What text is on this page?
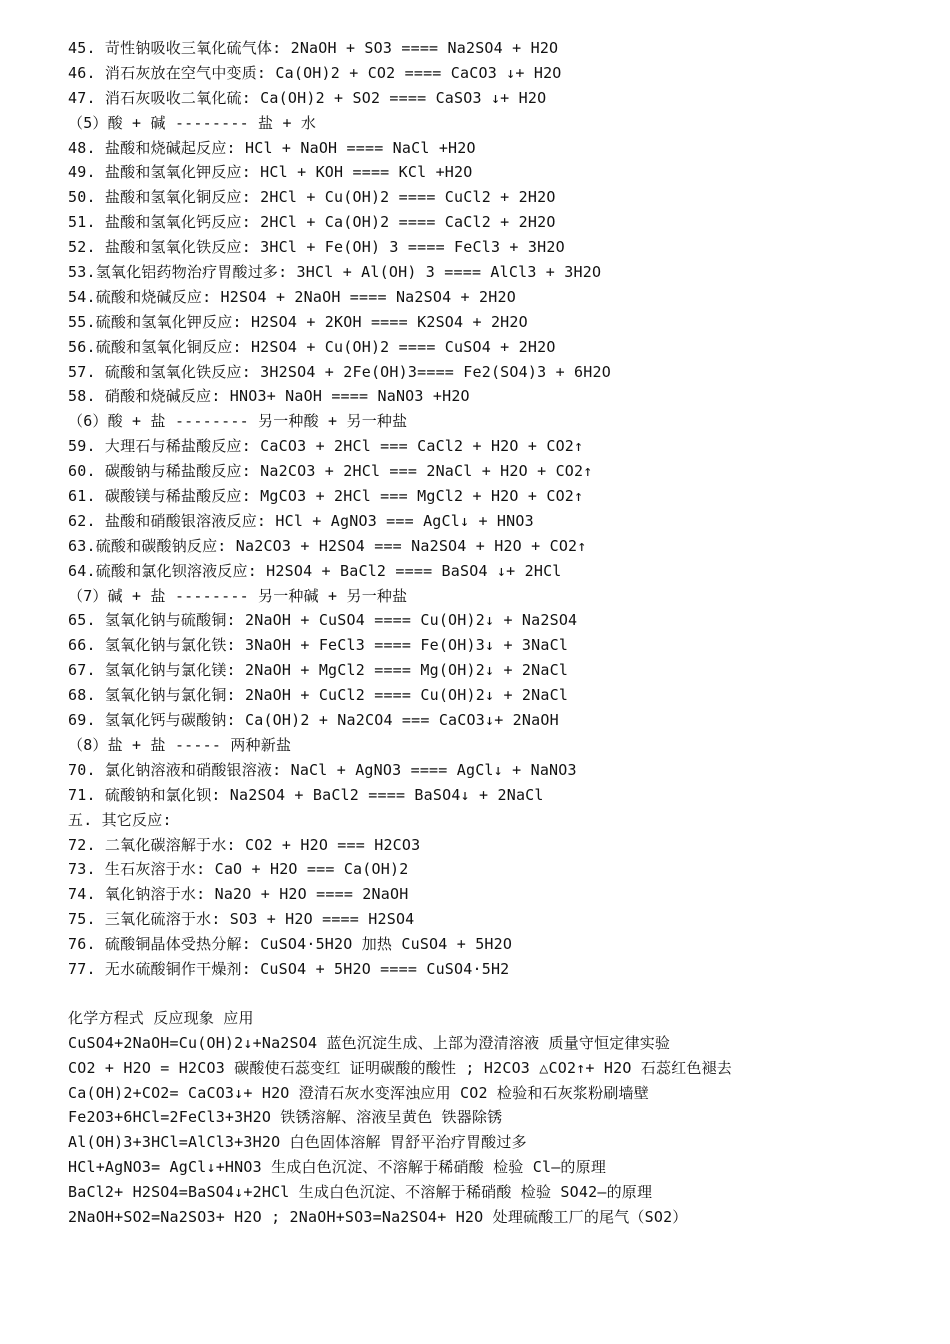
45. 苛性钠吸收三氧化硫气体: 2NaOH + SO3 ==== Na2SO4 + H2O
46. 消石灰放在空气中变质: Ca(OH)2 + CO2 ==== CaCO3 ↓+ H2O
47. 消石灰吸收二氧化硫: Ca(OH)2 + SO2 ==== CaSO3 ↓+ H2O
（5）酸 + 碱 -------- 盐 + 水
48. 盐酸和烧碱起反应: HCl + NaOH ==== NaCl +H2O
49. 盐酸和氢氧化钾反应: HCl + KOH ==== KCl +H2O
50. 盐酸和氢氧化铜反应: 2HCl + Cu(OH)2 ==== CuCl2 + 2H2O
51. 盐酸和氢氧化钙反应: 2HCl + Ca(OH)2 ==== CaCl2 + 2H2O
52. 盐酸和氢氧化铁反应: 3HCl + Fe(OH) 3 ==== FeCl3 + 3H2O
53.氢氧化铝药物治疗胃酸过多: 3HCl + Al(OH) 3 ==== AlCl3 + 3H2O
54.硫酸和烧碱反应: H2SO4 + 2NaOH ==== Na2SO4 + 2H2O
55.硫酸和氢氧化钾反应: H2SO4 + 2KOH ==== K2SO4 + 2H2O
56.硫酸和氢氧化铜反应: H2SO4 + Cu(OH)2 ==== CuSO4 + 2H2O
57. 硫酸和氢氧化铁反应: 3H2SO4 + 2Fe(OH)3==== Fe2(SO4)3 + 6H2O
58. 硝酸和烧碱反应: HNO3+ NaOH ==== NaNO3 +H2O
（6）酸 + 盐 -------- 另一种酸 + 另一种盐
59. 大理石与稀盐酸反应: CaCO3 + 2HCl === CaCl2 + H2O + CO2↑
60. 碳酸钠与稀盐酸反应: Na2CO3 + 2HCl === 2NaCl + H2O + CO2↑
61. 碳酸镁与稀盐酸反应: MgCO3 + 2HCl === MgCl2 + H2O + CO2↑
62. 盐酸和硝酸银溶液反应: HCl + AgNO3 === AgCl↓ + HNO3
63.硫酸和碳酸钠反应: Na2CO3 + H2SO4 === Na2SO4 + H2O + CO2↑
64.硫酸和氯化钡溶液反应: H2SO4 + BaCl2 ==== BaSO4 ↓+ 2HCl
（7）碱 + 盐 -------- 另一种碱 + 另一种盐
65. 氢氧化钠与硫酸铜: 2NaOH + CuSO4 ==== Cu(OH)2↓ + Na2SO4
66. 氢氧化钠与氯化铁: 3NaOH + FeCl3 ==== Fe(OH)3↓ + 3NaCl
67. 氢氧化钠与氯化镁: 2NaOH + MgCl2 ==== Mg(OH)2↓ + 2NaCl
68. 氢氧化钠与氯化铜: 2NaOH + CuCl2 ==== Cu(OH)2↓ + 2NaCl
69. 氢氧化钙与碳酸钠: Ca(OH)2 + Na2CO4 === CaCO3↓+ 2NaOH
（8）盐 + 盐 ----- 两种新盐
70. 氯化钠溶液和硝酸银溶液: NaCl + AgNO3 ==== AgCl↓ + NaNO3
71. 硫酸钠和氯化钡: Na2SO4 + BaCl2 ==== BaSO4↓ + 2NaCl
五. 其它反应:
72. 二氧化碳溶解于水: CO2 + H2O === H2CO3
73. 生石灰溶于水: CaO + H2O === Ca(OH)2
74. 氧化钠溶于水: Na2O + H2O ==== 2NaOH
75. 三氧化硫溶于水: SO3 + H2O ==== H2SO4
76. 硫酸铜晶体受热分解: CuSO4·5H2O 加热 CuSO4 + 5H2O
77. 无水硫酸铜作干燥剂: CuSO4 + 5H2O ==== CuSO4·5H2
化学方程式 反应现象 应用
CuSO4+2NaOH=Cu(OH)2↓+Na2SO4 蓝色沉淀生成、上部为澄清溶液 质量守恒定律实验
CO2 + H2O = H2CO3 碳酸使石蕊变红 证明碳酸的酸性 ; H2CO3 △CO2↑+ H2O 石蕊红色褪去
Ca(OH)2+CO2= CaCO3↓+ H2O 澄清石灰水变浑浊应用 CO2 检验和石灰浆粉刷墙壁
Fe2O3+6HCl=2FeCl3+3H2O 铁锈溶解、溶液呈黄色 铁器除锈
Al(OH)3+3HCl=AlCl3+3H2O 白色固体溶解 胃舒平治疗胃酸过多
HCl+AgNO3= AgCl↓+HNO3 生成白色沉淀、不溶解于稀硝酸 检验 Cl—的原理
BaCl2+ H2SO4=BaSO4↓+2HCl 生成白色沉淀、不溶解于稀硝酸 检验 SO42—的原理
2NaOH+SO2=Na2SO3+ H2O ; 2NaOH+SO3=Na2SO4+ H2O 处理硫酸工厂的尾气（SO2）
